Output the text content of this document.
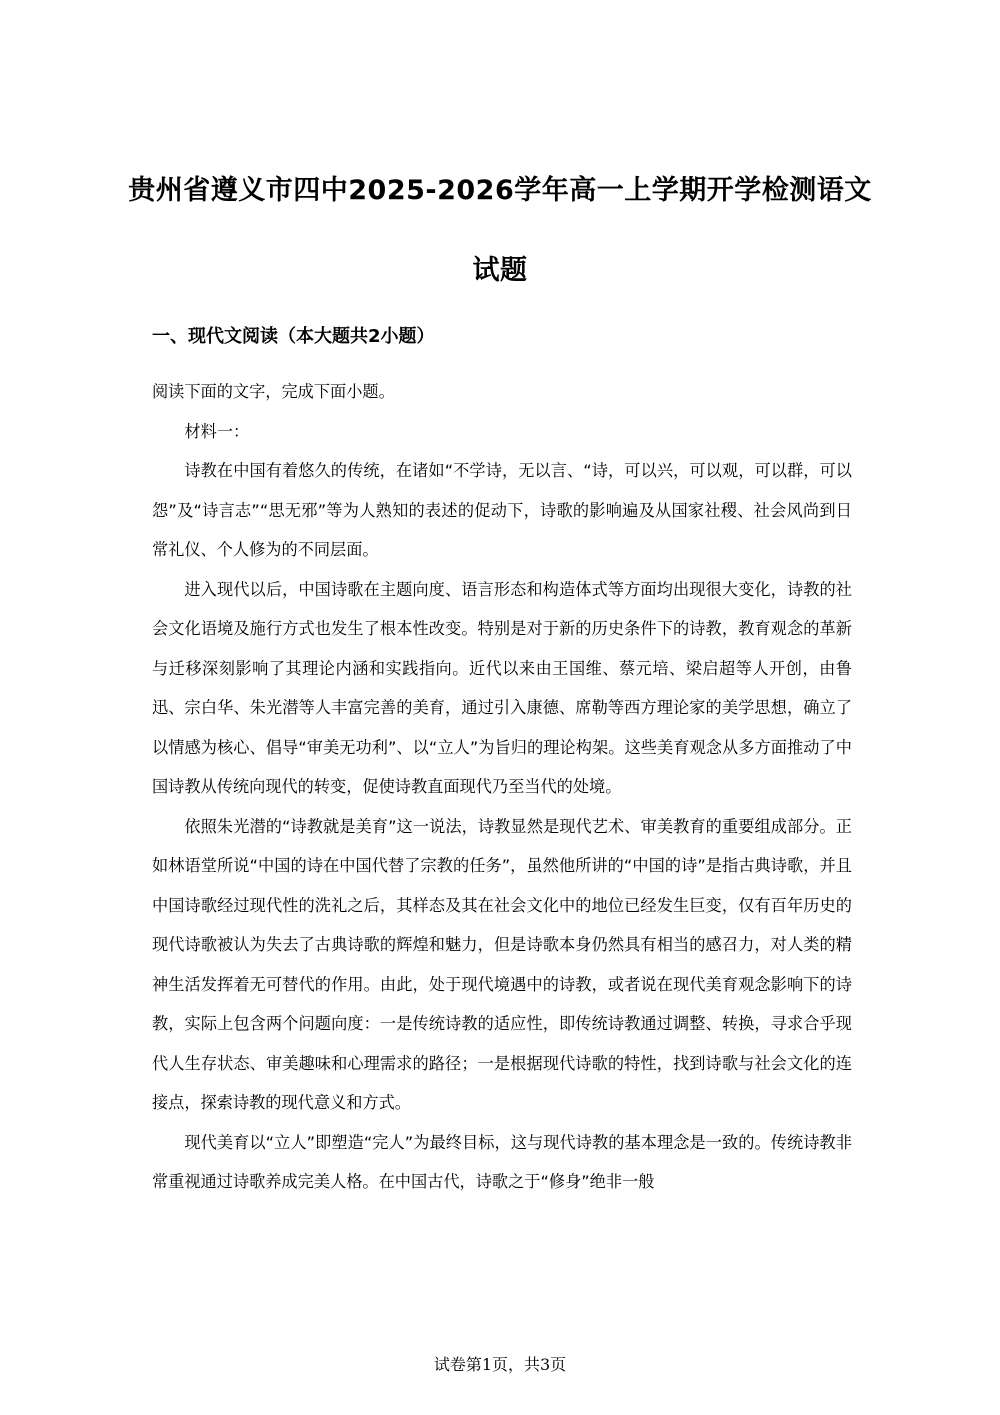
贵州省遵义市四中2025-2026学年高一上学期开学检测语文
试题
一、现代文阅读（本大题共2小题）

阅读下面的文字，完成下面小题。

材料一：

诗教在中国有着悠久的传统，在诸如“不学诗，无以言、“诗，可以兴，可以观，可以群，可以怨”及“诗言志”“思无邪”等为人熟知的表述的促动下，诗歌的影响遍及从国家社稷、社会风尚到日常礼仪、个人修为的不同层面。

进入现代以后，中国诗歌在主题向度、语言形态和构造体式等方面均出现很大变化，诗教的社会文化语境及施行方式也发生了根本性改变。特别是对于新的历史条件下的诗教，教育观念的革新与迁移深刻影响了其理论内涵和实践指向。近代以来由王国维、蔡元培、梁启超等人开创，由鲁迅、宗白华、朱光潜等人丰富完善的美育，通过引入康德、席勒等西方理论家的美学思想，确立了以情感为核心、倡导“审美无功利”、以“立人”为旨归的理论构架。这些美育观念从多方面推动了中国诗教从传统向现代的转变，促使诗教直面现代乃至当代的处境。

依照朱光潜的“诗教就是美育”这一说法，诗教显然是现代艺术、审美教育的重要组成部分。正如林语堂所说“中国的诗在中国代替了宗教的任务”，虽然他所讲的“中国的诗”是指古典诗歌，并且中国诗歌经过现代性的洗礼之后，其样态及其在社会文化中的地位已经发生巨变，仅有百年历史的现代诗歌被认为失去了古典诗歌的辉煌和魅力，但是诗歌本身仍然具有相当的感召力，对人类的精神生活发挥着无可替代的作用。由此，处于现代境遇中的诗教，或者说在现代美育观念影响下的诗教，实际上包含两个问题向度：一是传统诗教的适应性，即传统诗教通过调整、转换，寻求合乎现代人生存状态、审美趣味和心理需求的路径；一是根据现代诗歌的特性，找到诗歌与社会文化的连接点，探索诗教的现代意义和方式。

现代美育以“立人”即塑造“完人”为最终目标，这与现代诗教的基本理念是一致的。传统诗教非常重视通过诗歌养成完美人格。在中国古代，诗歌之于“修身”绝非一般

试卷第1页，共3页
